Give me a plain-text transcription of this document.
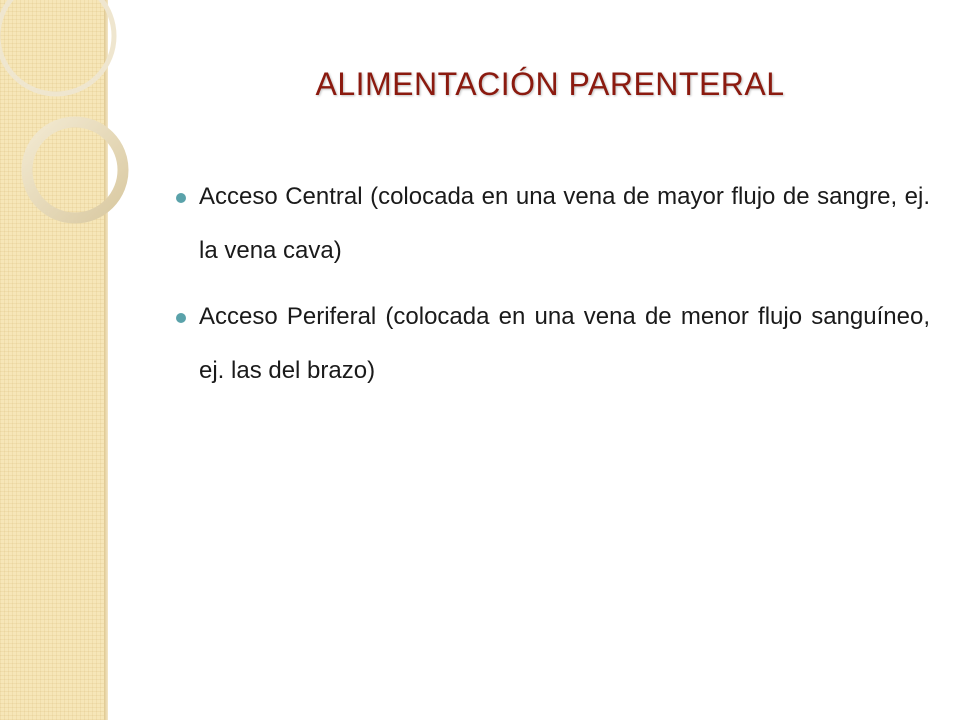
ALIMENTACIÓN PARENTERAL
Acceso Central (colocada en una vena de mayor flujo de sangre, ej. la vena cava)
Acceso Periferal (colocada en una vena de menor flujo sanguíneo, ej. las del brazo)
